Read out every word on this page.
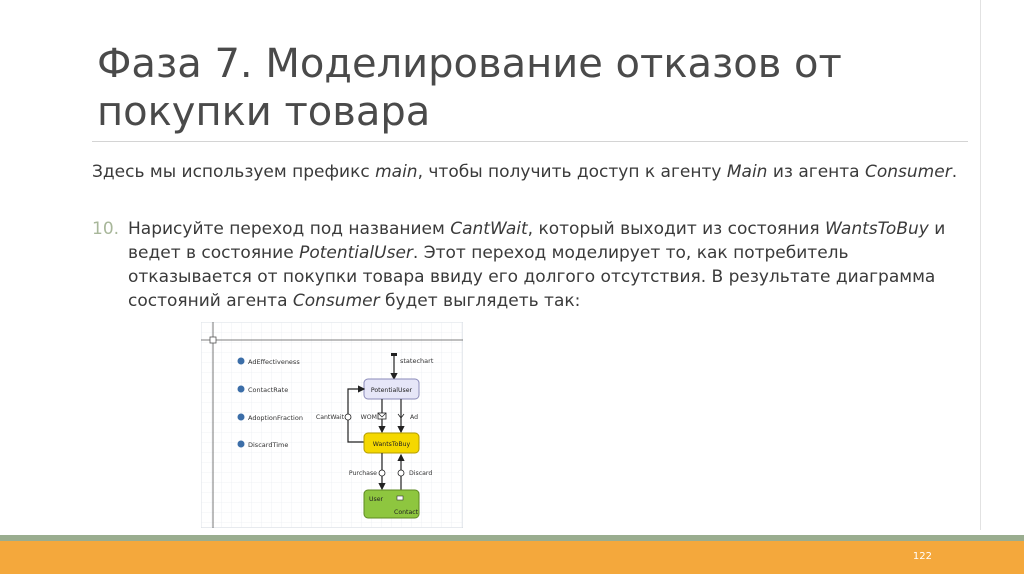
Фаза 7. Моделирование отказов от покупки товара
Здесь мы используем префикс main, чтобы получить доступ к агенту Main из агента Consumer.
10. Нарисуйте переход под названием CantWait, который выходит из состояния WantsToBuy и ведет в состояние PotentialUser. Этот переход моделирует то, как потребитель отказывается от покупки товара ввиду его долгого отсутствия. В результате диаграмма состояний агента Consumer будет выглядеть так:
AdEffectiveness
ContactRate
AdoptionFraction
DiscardTime
statechart
PotentialUser
WOM	Ad
CantWait
WantsToBuy
Purchase	Discard
User
Contact
122
